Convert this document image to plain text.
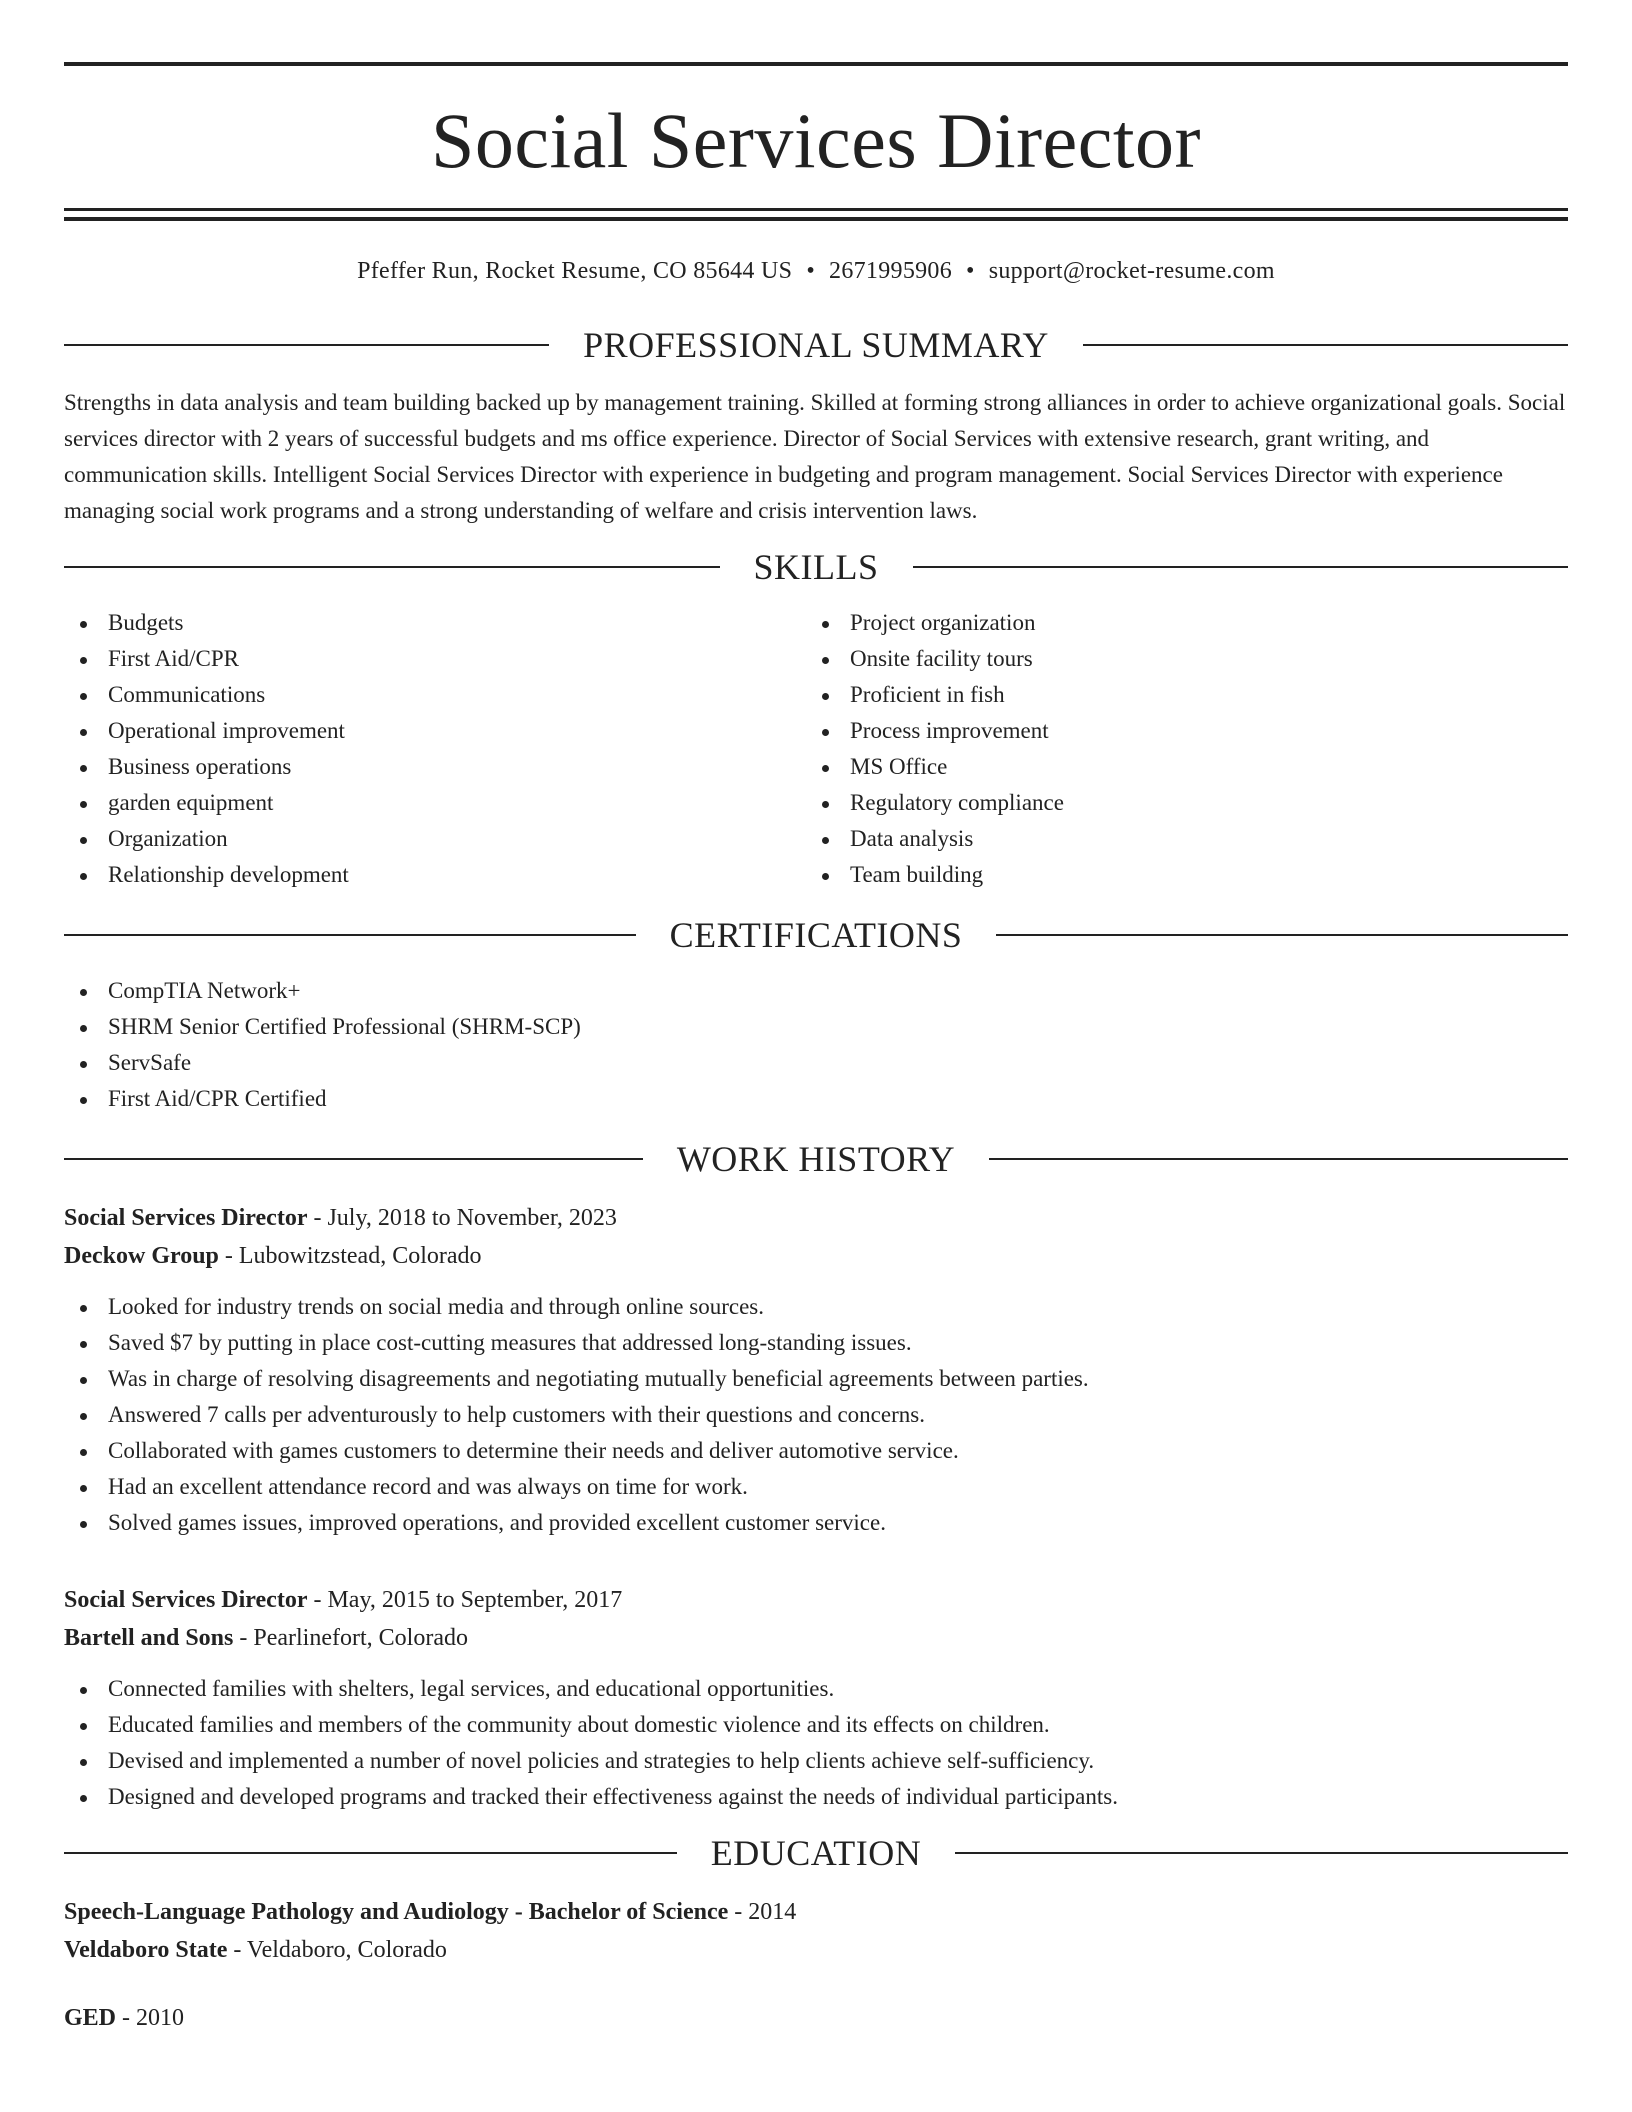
Social Services Director
Pfeffer Run, Rocket Resume, CO 85644 US • 2671995906 • support@rocket-resume.com
PROFESSIONAL SUMMARY

Strengths in data analysis and team building backed up by management training. Skilled at forming strong alliances in order to achieve organizational goals. Social services director with 2 years of successful budgets and ms office experience. Director of Social Services with extensive research, grant writing, and communication skills. Intelligent Social Services Director with experience in budgeting and program management. Social Services Director with experience managing social work programs and a strong understanding of welfare and crisis intervention laws.

SKILLS
Budgets
First Aid/CPR
Communications
Operational improvement
Business operations
garden equipment
Organization
Relationship development
Project organization
Onsite facility tours
Proficient in fish
Process improvement
MS Office
Regulatory compliance
Data analysis
Team building
CERTIFICATIONS
CompTIA Network+
SHRM Senior Certified Professional (SHRM-SCP)
ServSafe
First Aid/CPR Certified
WORK HISTORY

Social Services Director - July, 2018 to November, 2023

Deckow Group - Lubowitzstead, Colorado

Looked for industry trends on social media and through online sources.
Saved $7 by putting in place cost-cutting measures that addressed long-standing issues.
Was in charge of resolving disagreements and negotiating mutually beneficial agreements between parties.
Answered 7 calls per adventurously to help customers with their questions and concerns.
Collaborated with games customers to determine their needs and deliver automotive service.
Had an excellent attendance record and was always on time for work.
Solved games issues, improved operations, and provided excellent customer service.

Social Services Director - May, 2015 to September, 2017

Bartell and Sons - Pearlinefort, Colorado

Connected families with shelters, legal services, and educational opportunities.
Educated families and members of the community about domestic violence and its effects on children.
Devised and implemented a number of novel policies and strategies to help clients achieve self-sufficiency.
Designed and developed programs and tracked their effectiveness against the needs of individual participants.
EDUCATION

Speech-Language Pathology and Audiology - Bachelor of Science - 2014

Veldaboro State - Veldaboro, Colorado

GED - 2010
